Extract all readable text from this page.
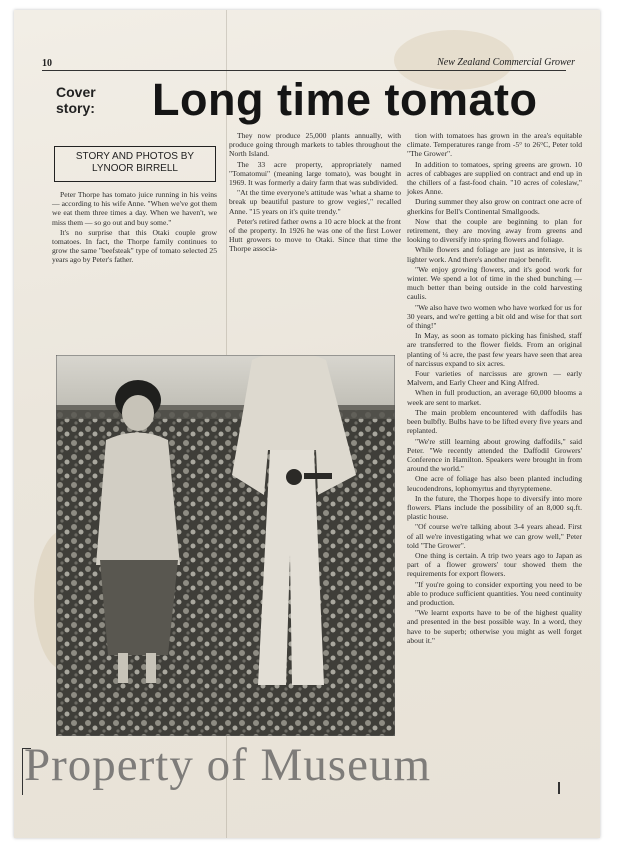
10	New Zealand Commercial Grower
Cover story: Long time tomato
STORY AND PHOTOS BY
LYNOOR BIRRELL

Peter Thorpe has tomato juice running in his veins — according to his wife Anne. "When we've got them we eat them three times a day. When we haven't, we miss them — so go out and buy some."

It's no surprise that this Otaki couple grow tomatoes. In fact, the Thorpe family continues to grow the same "beefsteak" type of tomato selected 25 years ago by Peter's father.

They now produce 25,000 plants annually, with produce going through markets to tables throughout the North Island.

The 33 acre property, appropriately named "Tomatomui" (meaning large tomato), was bought in 1969. It was formerly a dairy farm that was subdivided.

"At the time everyone's attitude was 'what a shame to break up beautiful pasture to grow vegies'," recalled Anne. "15 years on it's quite trendy."

Peter's retired father owns a 10 acre block at the front of the property. In 1926 he was one of the first Lower Hutt growers to move to Otaki. Since that time the Thorpe associa-

tion with tomatoes has grown in the area's equitable climate. Temperatures range from -5° to 26°C, Peter told "The Grower".

In addition to tomatoes, spring greens are grown. 10 acres of cabbages are supplied on contract and end up in the chillers of a fast-food chain. "10 acres of coleslaw," jokes Anne.

During summer they also grow on contract one acre of gherkins for Bell's Continental Smallgoods.

Now that the couple are beginning to plan for retirement, they are moving away from greens and looking to diversify into spring flowers and foliage.

While flowers and foliage are just as intensive, it is lighter work. And there's another major benefit.

"We enjoy growing flowers, and it's good work for winter. We spend a lot of time in the shed bunching — much better than being outside in the cold harvesting caulis.

"We also have two women who have worked for us for 30 years, and we're getting a bit old and wise for that sort of thing!"

In May, as soon as tomato picking has finished, staff are transferred to the flower fields. From an original planting of ¼ acre, the past few years have seen that area of narcissus expand to six acres.

Four varieties of narcissus are grown — early Malvern, and Early Cheer and King Alfred.

When in full production, an average 60,000 blooms a week are sent to market.

The main problem encountered with daffodils has been bulbfly. Bulbs have to be lifted every five years and replanted.

"We're still learning about growing daffodils," said Peter. "We recently attended the Daffodil Growers' Conference in Hamilton. Speakers were brought in from around the world."

One acre of foliage has also been planted including leucodendrons, lophomyrtus and thyryptemene.

In the future, the Thorpes hope to diversify into more flowers. Plans include the possibility of an 8,000 sq.ft. plastic house.

"Of course we're talking about 3-4 years ahead. First of all we're investigating what we can grow well," Peter told "The Grower".

One thing is certain. A trip two years ago to Japan as part of a flower growers' tour showed them the requirements for export flowers.

"If you're going to consider exporting you need to be able to produce sufficient quantities. You need continuity and production.

"We learnt exports have to be of the highest quality and presented in the best possible way. In a word, they have to be superb; otherwise you might as well forget about it."

Property of Museum
